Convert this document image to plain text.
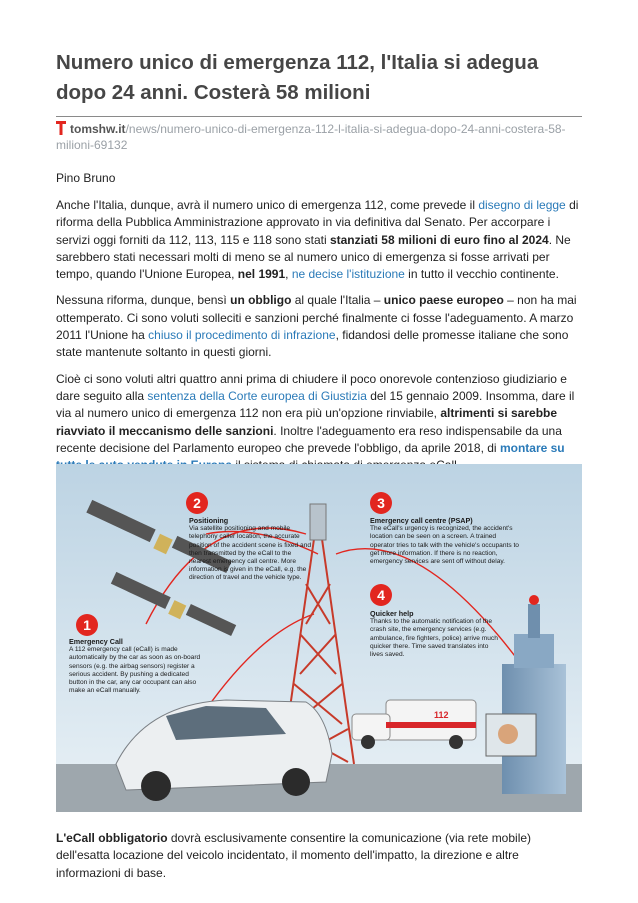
Numero unico di emergenza 112, l'Italia si adegua dopo 24 anni. Costerà 58 milioni
tomshw.it/news/numero-unico-di-emergenza-112-l-italia-si-adegua-dopo-24-anni-costera-58-milioni-69132
Pino Bruno

Anche l'Italia, dunque, avrà il numero unico di emergenza 112, come prevede il disegno di legge di riforma della Pubblica Amministrazione approvato in via definitiva dal Senato. Per accorpare i servizi oggi forniti da 112, 113, 115 e 118 sono stati stanziati 58 milioni di euro fino al 2024. Ne sarebbero stati necessari molti di meno se al numero unico di emergenza si fosse arrivati per tempo, quando l'Unione Europea, nel 1991, ne decise l'istituzione in tutto il vecchio continente.

Nessuna riforma, dunque, bensì un obbligo al quale l'Italia – unico paese europeo – non ha mai ottemperato. Ci sono voluti solleciti e sanzioni perché finalmente ci fosse l'adeguamento. A marzo 2011 l'Unione ha chiuso il procedimento di infrazione, fidandosi delle promesse italiane che sono state mantenute soltanto in questi giorni.

Cioè ci sono voluti altri quattro anni prima di chiudere il poco onorevole contenzioso giudiziario e dare seguito alla sentenza della Corte europea di Giustizia del 15 gennaio 2009. Insomma, dare il via al numero unico di emergenza 112 non era più un'opzione rinviabile, altrimenti si sarebbe riavviato il meccanismo delle sanzioni. Inoltre l'adeguamento era reso indispensabile da una recente decisione del Parlamento europeo che prevede l'obbligo, da aprile 2018, di montare su

112
2
Positioning
Via satellite positioning and mobile telephony caller location, the accurate position of the accident scene is fixed and then transmitted by the eCall to the nearest emergency call centre. More information is given in the eCall, e.g. the direction of travel and the vehicle type.
3
Emergency call centre (PSAP)
The eCall's urgency is recognized, the accident's location can be seen on a screen. A trained operator tries to talk with the vehicle's occupants to get more information. If there is no reaction, emergency services are sent off without delay.
4
Quicker help
Thanks to the automatic notification of the crash site, the emergency services (e.g. ambulance, fire fighters, police) arrive much quicker there. Time saved translates into lives saved.
1
Emergency Call
A 112 emergency call (eCall) is made automatically by the car as soon as on-board sensors (e.g. the airbag sensors) register a serious accident. By pushing a dedicated button in the car, any car occupant can also make an eCall manually.

L'eCall obbligatorio dovrà esclusivamente consentire la comunicazione (via rete mobile) dell'esatta locazione del veicolo incidentato, il momento dell'impatto, la direzione e altre informazioni di base.
